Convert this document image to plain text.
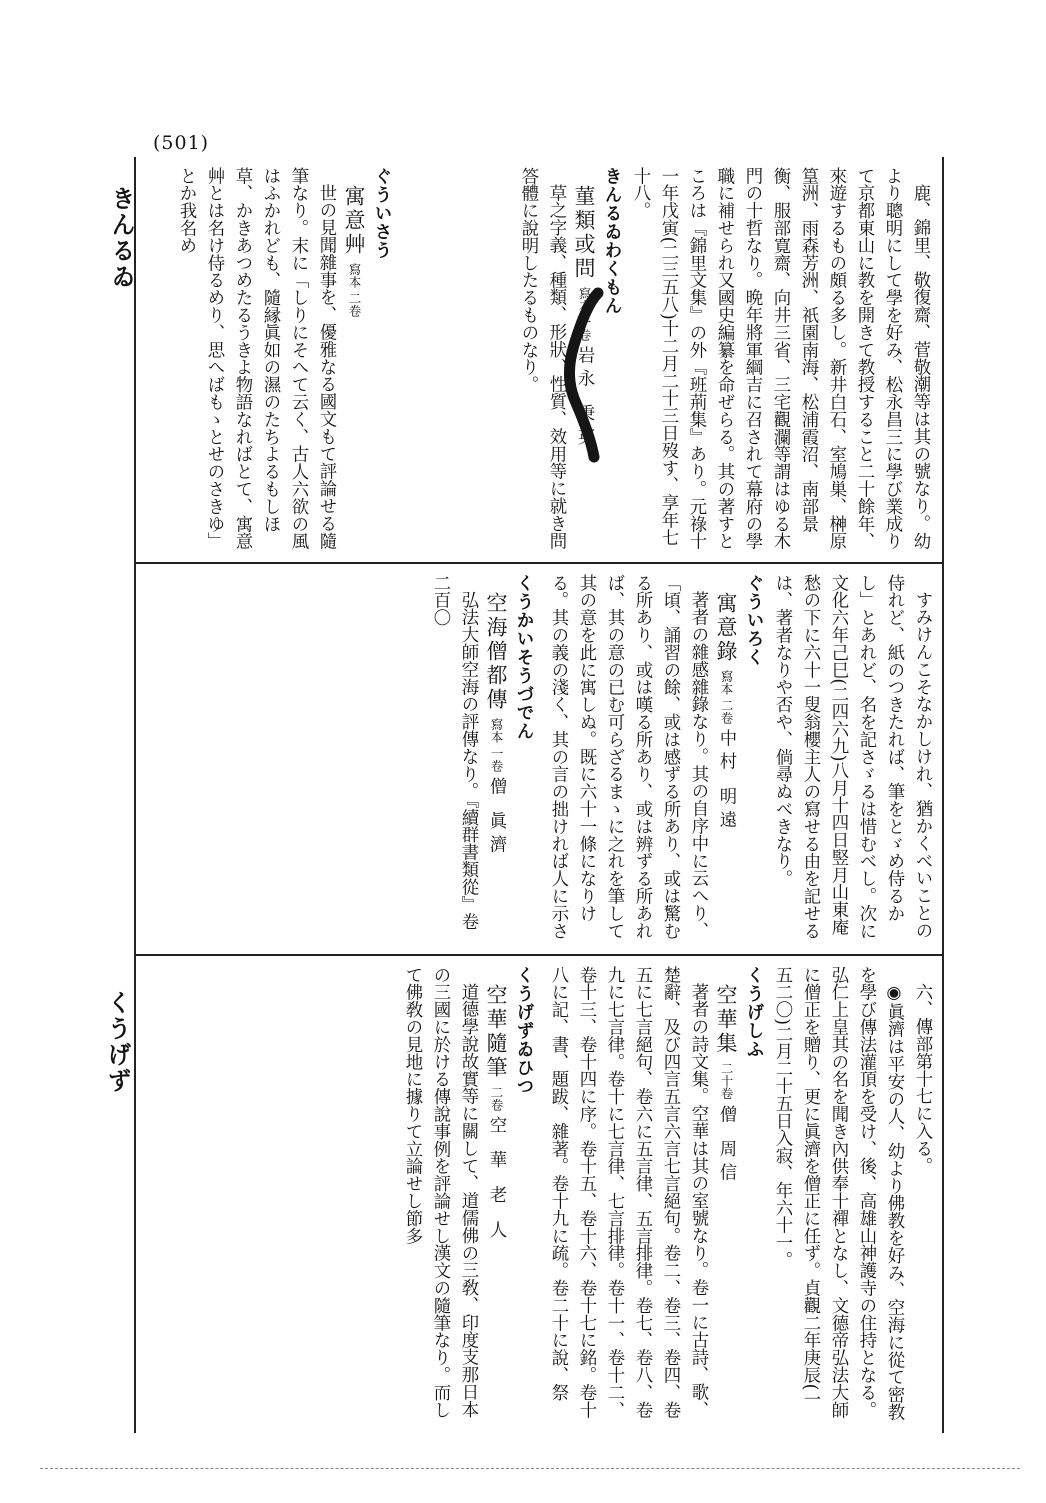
(501)
きんるゐ
くうげず
鹿、錦里、敬復齋、菅敬潮等は其の號なり。幼より聰明にして學を好み、松永昌三に學び業成りて京都東山に教を開きて教授すること二十餘年、來遊するもの頗る多し。新井白石、室鳩巣、榊原篁洲、雨森芳洲、祇園南海、松浦霞沼、南部景衡、服部寛齋、向井三省、三宅觀瀾等謂はゆる木門の十哲なり。晩年將軍綱吉に召されて幕府の學職に補せられ又國史編纂を命ぜらる。其の著すところは『錦里文集』の外『班荊集』あり。元祿十一年戊寅(二三五八)十二月二十三日歿す、享年七十八。
きんるゐわくもん
菫類或問 寫本 一卷 岩永 秉英
草之字義、種類、形狀、性質、效用等に就き問答體に說明したるものなり。
ぐういさう
寓意艸 寫本 二卷
世の見聞雜事を、優雅なる國文もて評論せる隨筆なり。末に「しりにそへて云く、古人六欲の風はふかれども、隨縁眞如の濕のたちよるもしほ草、かきあつめたるうきよ物語なればとて、寓意艸とは名け侍るめり、思へばもゝとせのさきゆ」とか我名め
すみけんこそなかしけれ、猶かくべいことの侍れど、紙のつきたれば、筆をとゞめ侍るかし」とあれど、名を記さゞるは惜むべし。次に文化六年己巳(二四六九)八月十四日竪月山東庵愁の下に六十一叟翁櫻主人の寫せる由を記せるは、著者なりや否や、倘尋ぬべきなり。
ぐういろく
寓意錄 寫本 二卷 中村 明遠
著者の雜感雜錄なり。其の自序中に云へり、「頃、誦習の餘、或は感ずる所あり、或は驚むる所あり、或は嘆る所あり、或は辨ずる所あれば、其の意の已む可らざるまゝに之れを筆して其の意を此に寓しぬ。既に六十一條になりける。其の義の淺く、其の言の拙ければ人に示さ
くうかいそうづでん
空海僧都傳 寫本 一卷 僧 眞濟
弘法大師空海の評傳なり。『續群書類從』卷二百〇
六、傳部第十七に入る。
◉眞濟は平安の人、幼より佛教を好み、空海に從て密教を學び傳法灌頂を受け、後、高雄山神護寺の住持となる。弘仁上皇其の名を聞き內供奉十禪となし、文德帝弘法大師に僧正を贈り、更に眞濟を僧正に任ず。貞觀二年庚辰(一五二〇)二月二十五日入寂、年六十一。
くうげしふ
空華集 二十卷 僧 周信
著者の詩文集。空華は其の室號なり。卷一に古詩、歌、楚辭、及び四言五言六言七言絕句。卷二、卷三、卷四、卷五に七言絕句、卷六に五言律、五言排律。卷七、卷八、卷九に七言律。卷十に七言律、七言排律。卷十一、卷十二、卷十三、卷十四に序。卷十五、卷十六、卷十七に銘。卷十八に記、書、題跋、雜著。卷十九に疏。卷二十に說、祭
くうげずゐひつ
空華隨筆 二卷 空 華 老 人
道德學說故實等に關して、道儒佛の三敎、印度支那日本の三國に於ける傳說事例を評論せし漢文の隨筆なり。而して佛敎の見地に據りて立論せし節多
